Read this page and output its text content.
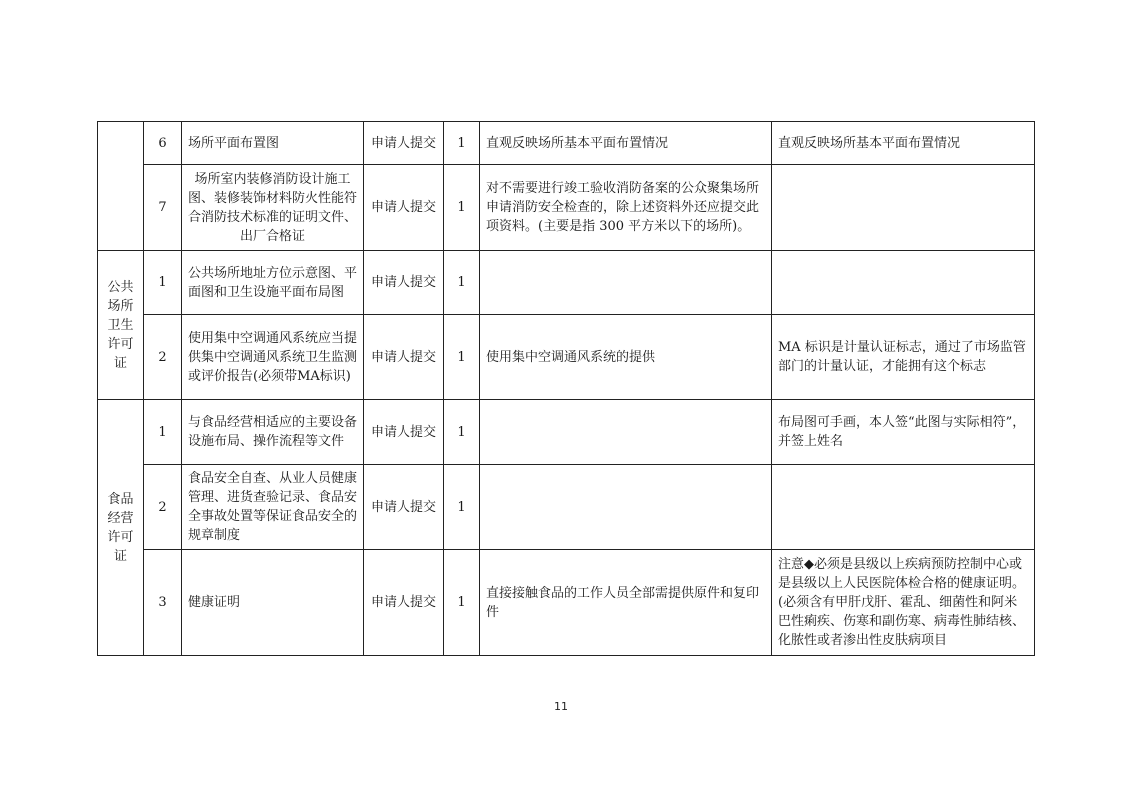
	6	场所平面布置图	申请人提交	1	直观反映场所基本平面布置情况	直观反映场所基本平面布置情况
	7	场所室内装修消防设计施工图、装修装饰材料防火性能符合消防技术标准的证明文件、出厂合格证	申请人提交	1	对不需要进行竣工验收消防备案的公众聚集场所申请消防安全检查的，除上述资料外还应提交此项资料。(主要是指 300 平方米以下的场所)。	
公共场所卫生许可证	1	公共场所地址方位示意图、平面图和卫生设施平面布局图	申请人提交	1		
	2	使用集中空调通风系统应当提供集中空调通风系统卫生监测或评价报告(必须带MA标识)	申请人提交	1	使用集中空调通风系统的提供	MA 标识是计量认证标志，通过了市场监管部门的计量认证，才能拥有这个标志
食品经营许可证	1	与食品经营相适应的主要设备设施布局、操作流程等文件	申请人提交	1		布局图可手画，本人签“此图与实际相符”，并签上姓名
	2	食品安全自查、从业人员健康管理、进货查验记录、食品安全事故处置等保证食品安全的规章制度	申请人提交	1		
	3	健康证明	申请人提交	1	直接接触食品的工作人员全部需提供原件和复印件	注意◆必须是县级以上疾病预防控制中心或是县级以上人民医院体检合格的健康证明。(必须含有甲肝戊肝、霍乱、细菌性和阿米巴性痢疾、伤寒和副伤寒、病毒性肺结核、化脓性或者渗出性皮肤病项目
11
